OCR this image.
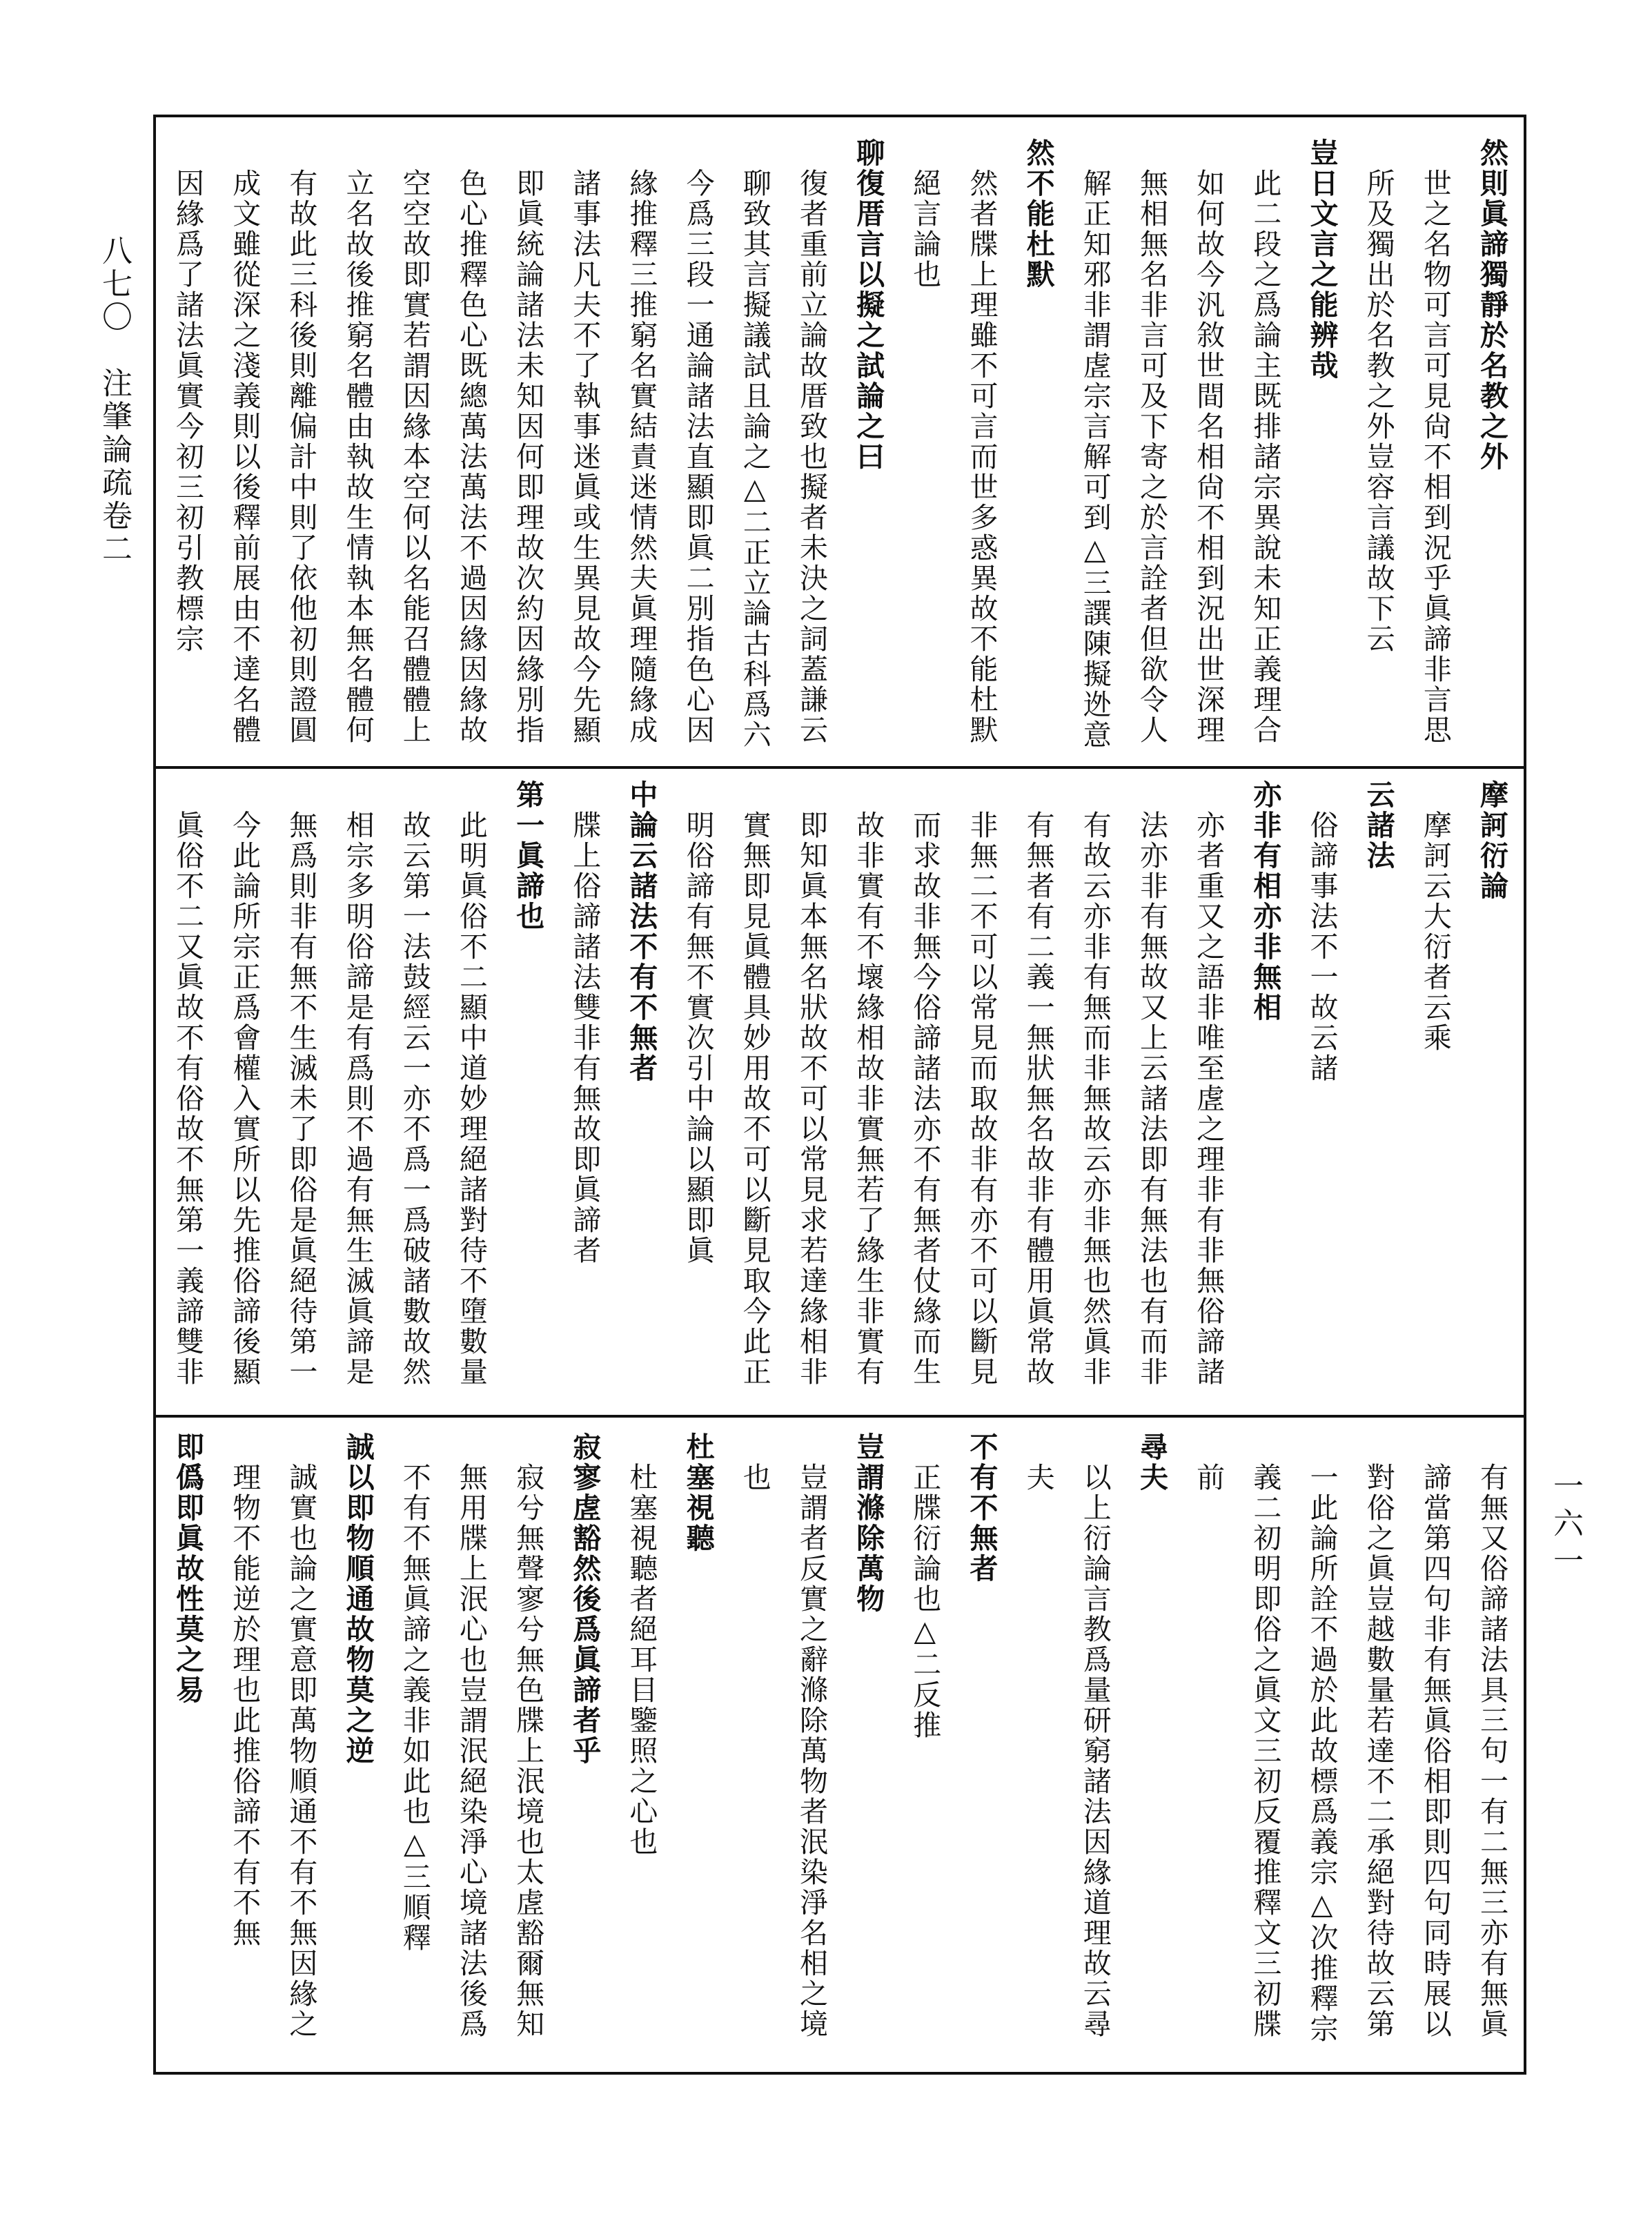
八七〇　注肇論疏卷二
一六一
然則眞諦獨靜於名教之外
　世之名物可言可見尙不相到況乎眞諦非言思
　所及獨出於名教之外豈容言議故下云
豈日文言之能辨哉
　此二段之爲論主既排諸宗異說未知正義理合
　如何故今汎敘世間名相尙不相到況出世深理
　無相無名非言可及下寄之於言詮者但欲令人
　解正知邪非謂虗宗言解可到△三譔陳擬迯意
然不能杜默
　然者牒上理雖不可言而世多惑異故不能杜默
　絕言論也
聊復厝言以擬之試論之曰
　復者重前立論故厝致也擬者未決之詞蓋謙云
　聊致其言擬議試且論之△二正立論古科爲六
　今爲三段一通論諸法直顯即眞二別指色心因
　緣推釋三推窮名實結責迷情然夫眞理隨緣成
　諸事法凡夫不了執事迷眞或生異見故今先顯
　即眞統論諸法未知因何即理故次約因緣別指
　色心推釋色心既總萬法萬法不過因緣因緣故
　空空故即實若謂因緣本空何以名能召體體上
　立名故後推窮名體由執故生情執本無名體何
　有故此三科後則離偏計中則了依他初則證圓
　成文雖從深之淺義則以後釋前展由不達名體
　因緣爲了諸法眞實今初三初引教標宗
摩訶衍論
　摩訶云大衍者云乘
云諸法
　俗諦事法不一故云諸
亦非有相亦非無相
　亦者重又之語非唯至虗之理非有非無俗諦諸
　法亦非有無故又上云諸法即有無法也有而非
　有故云亦非有無而非無故云亦非無也然眞非
　有無者有二義一無狀無名故非有體用眞常故
　非無二不可以常見而取故非有亦不可以斷見
　而求故非無今俗諦諸法亦不有無者仗緣而生
　故非實有不壞緣相故非實無若了緣生非實有
　即知眞本無名狀故不可以常見求若達緣相非
　實無即見眞體具妙用故不可以斷見取今此正
　明俗諦有無不實次引中論以顯即眞
中論云諸法不有不無者
　牒上俗諦諸法雙非有無故即眞諦者
第一眞諦也
　此明眞俗不二顯中道妙理絕諸對待不墮數量
　故云第一法鼓經云一亦不爲一爲破諸數故然
　相宗多明俗諦是有爲則不過有無生滅眞諦是
　無爲則非有無不生滅未了即俗是眞絕待第一
　今此論所宗正爲會權入實所以先推俗諦後顯
　眞俗不二又眞故不有俗故不無第一義諦雙非
　有無又俗諦諸法具三句一有二無三亦有無眞
　諦當第四句非有無眞俗相即則四句同時展以
　對俗之眞豈越數量若達不二承絕對待故云第
　一此論所詮不過於此故標爲義宗△次推釋宗
　義二初明即俗之眞文三初反覆推釋文三初牒
　前
尋夫
　以上衍論言教爲量研窮諸法因緣道理故云尋
　夫
不有不無者
　正牒衍論也△二反推
豈謂滌除萬物
　豈謂者反實之辭滌除萬物者泯染淨名相之境
　也
杜塞視聽
　杜塞視聽者絕耳目鑒照之心也
寂寥虗豁然後爲眞諦者乎
　寂兮無聲寥兮無色牒上泯境也太虗豁爾無知
　無用牒上泯心也豈謂泯絕染淨心境諸法後爲
　不有不無眞諦之義非如此也△三順釋
誠以即物順通故物莫之逆
　誠實也論之實意即萬物順通不有不無因緣之
　理物不能逆於理也此推俗諦不有不無
即僞即眞故性莫之易
